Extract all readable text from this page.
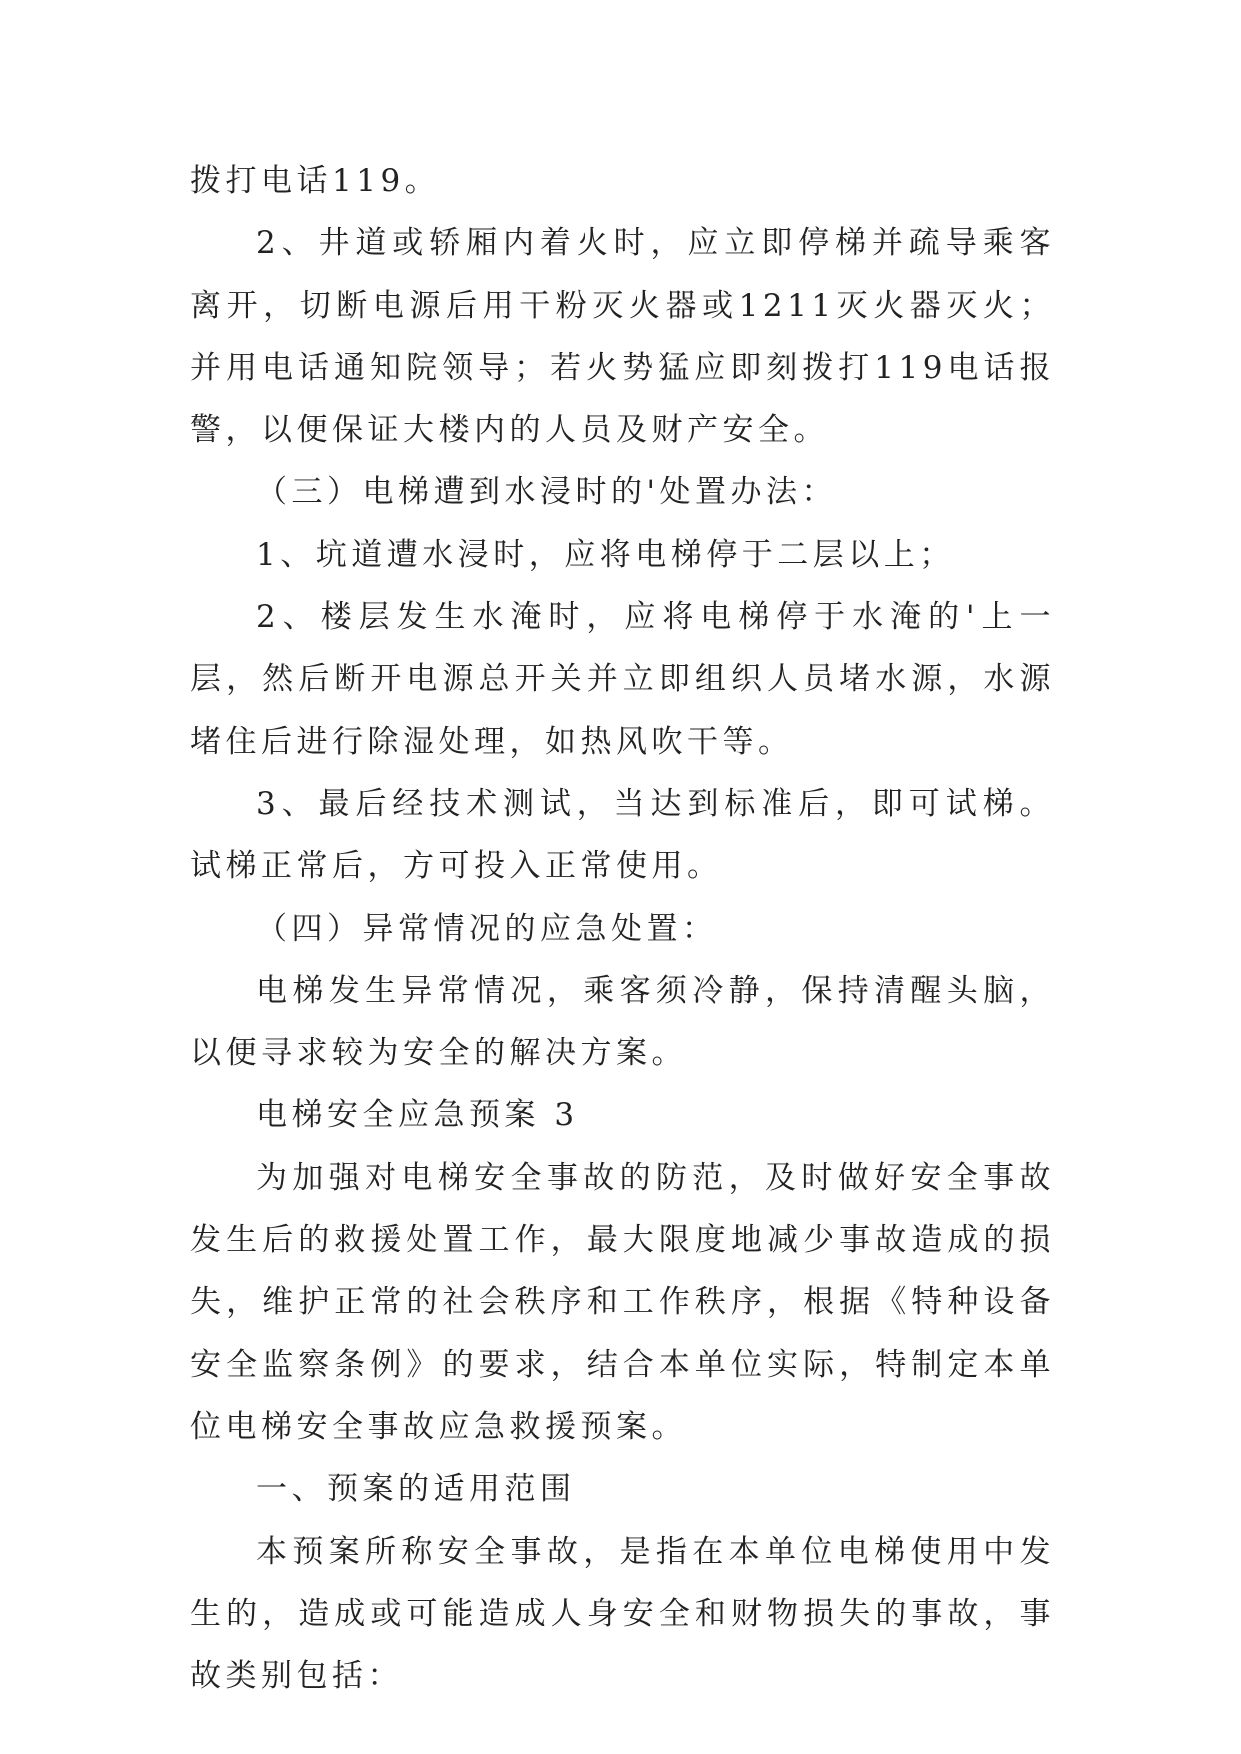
拨打电话119。

2、井道或轿厢内着火时，应立即停梯并疏导乘客离开，切断电源后用干粉灭火器或1211灭火器灭火；并用电话通知院领导；若火势猛应即刻拨打119电话报警，以便保证大楼内的人员及财产安全。

（三）电梯遭到水浸时的'处置办法：

1、坑道遭水浸时，应将电梯停于二层以上；

2、楼层发生水淹时，应将电梯停于水淹的'上一层，然后断开电源总开关并立即组织人员堵水源，水源堵住后进行除湿处理，如热风吹干等。

3、最后经技术测试，当达到标准后，即可试梯。试梯正常后，方可投入正常使用。

（四）异常情况的应急处置：

电梯发生异常情况，乘客须冷静，保持清醒头脑，以便寻求较为安全的解决方案。

电梯安全应急预案 3

为加强对电梯安全事故的防范，及时做好安全事故发生后的救援处置工作，最大限度地减少事故造成的损失，维护正常的社会秩序和工作秩序，根据《特种设备安全监察条例》的要求，结合本单位实际，特制定本单位电梯安全事故应急救援预案。

一、预案的适用范围

本预案所称安全事故，是指在本单位电梯使用中发生的，造成或可能造成人身安全和财物损失的事故，事故类别包括：
